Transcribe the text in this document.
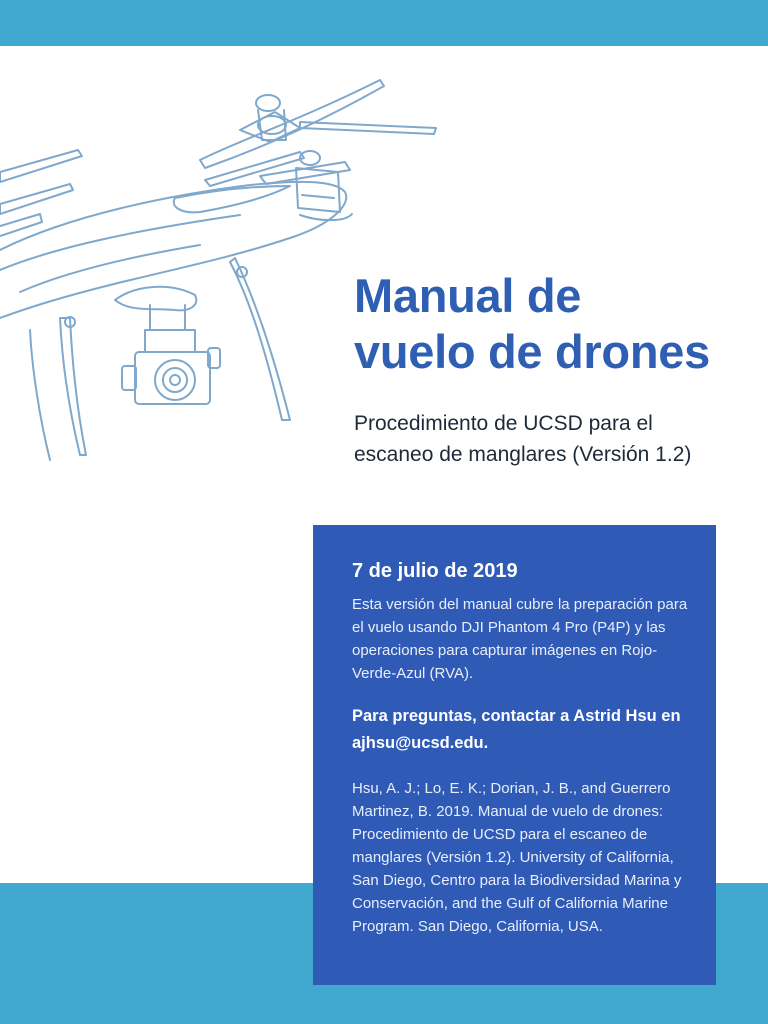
Manual de
vuelo de drones

Procedimiento de UCSD para el
escaneo de manglares (Versión 1.2)

7 de julio de 2019

Esta versión del manual cubre la preparación para el vuelo usando DJI Phantom 4 Pro (P4P) y las operaciones para capturar imágenes en Rojo-Verde-Azul (RVA).

Para preguntas, contactar a Astrid Hsu en ajhsu@ucsd.edu.

Hsu, A. J.; Lo, E. K.; Dorian, J. B., and Guerrero Martinez, B. 2019. Manual de vuelo de drones: Procedimiento de UCSD para el escaneo de manglares (Versión 1.2). University of California, San Diego, Centro para la Biodiversidad Marina y Conservación, and the Gulf of California Marine Program. San Diego, California, USA.
